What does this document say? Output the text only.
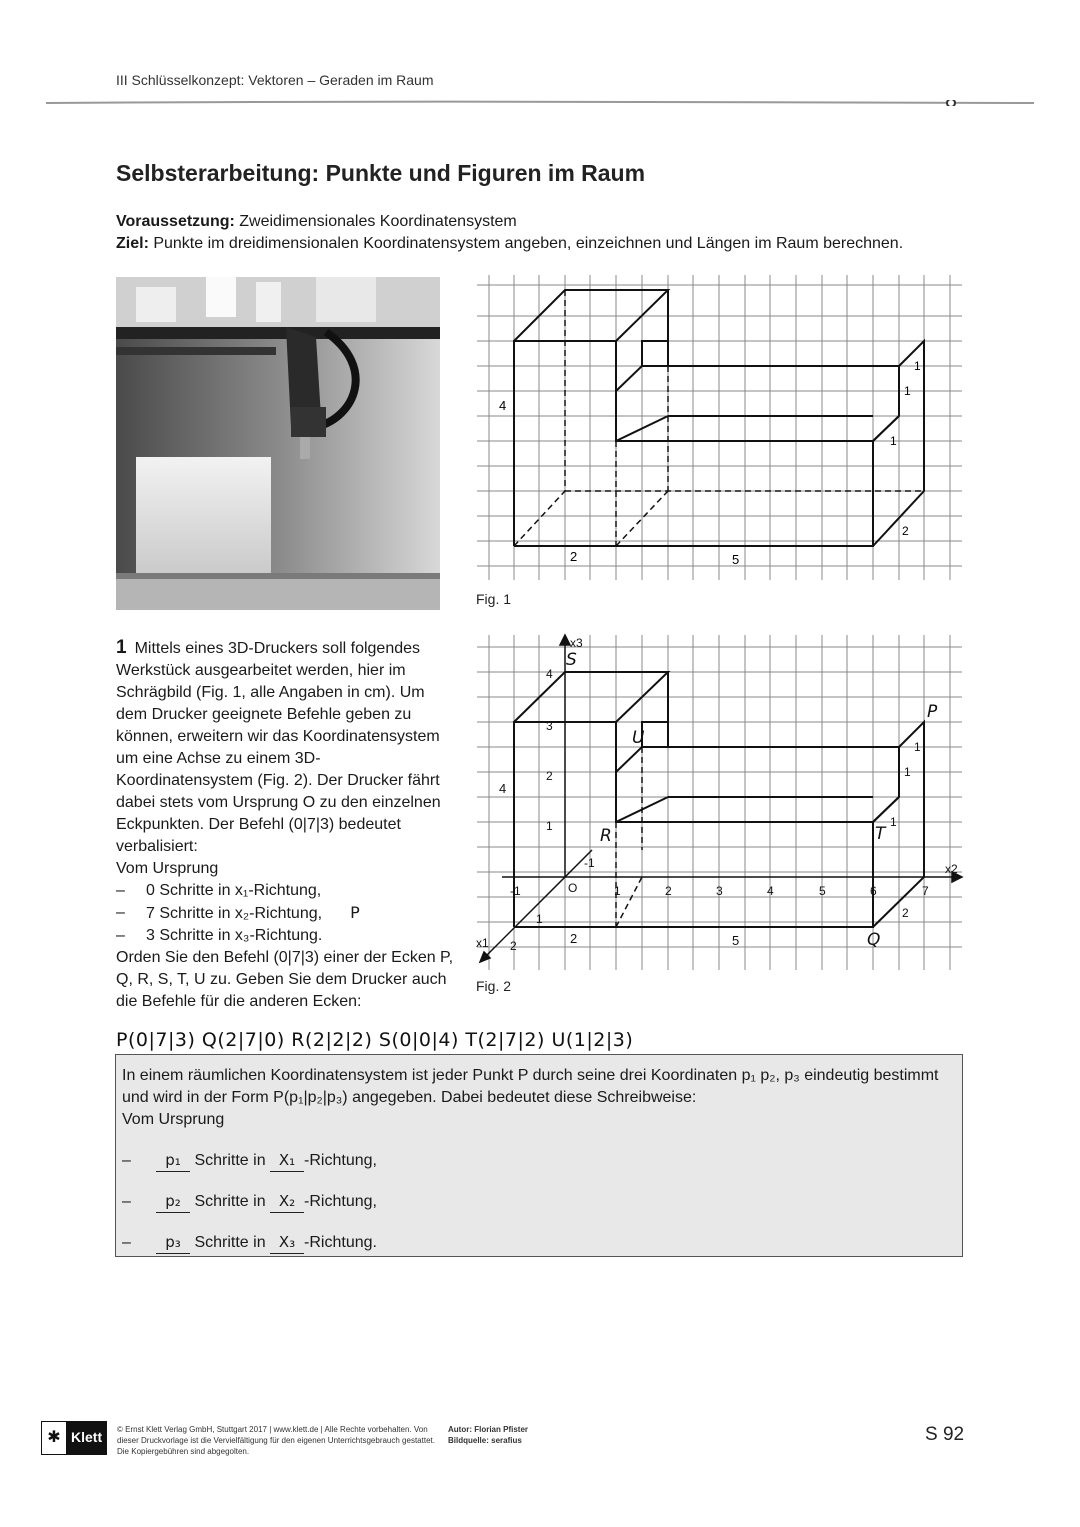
III Schlüsselkonzept: Vektoren – Geraden im Raum
Selbsterarbeitung: Punkte und Figuren im Raum
Voraussetzung: Zweidimensionales Koordinatensystem
Ziel: Punkte im dreidimensionalen Koordinatensystem angeben, einzeichnen und Längen im Raum berechnen.
4
2	5
1
1
1
2
Fig. 1
1 Mittels eines 3D-Druckers soll folgendes Werkstück ausgearbeitet werden, hier im Schrägbild (Fig. 1, alle Angaben in cm). Um dem Drucker geeignete Befehle geben zu können, erweitern wir das Koordinatensystem um eine Achse zu einem 3D-Koordinatensystem (Fig. 2). Der Drucker fährt dabei stets vom Ursprung O zu den einzelnen Eckpunkten. Der Befehl (0|7|3) bedeutet verbalisiert:
Vom Ursprung
– 0 Schritte in x₁-Richtung,
– 7 Schritte in x₂-Richtung, P
– 3 Schritte in x₃-Richtung.
Orden Sie den Befehl (0|7|3) einer der Ecken P, Q, R, S, T, U zu. Geben Sie dem Drucker auch die Befehle für die anderen Ecken:
x3
x2
x1
O
-1	1	2	3	4	5	6	7
1
2
3
4
-1
1
2
4
2	5
1
1
1
2
S
U
R	T
P
Q
Fig. 2
P(0|7|3) Q(2|7|0) R(2|2|2) S(0|0|4) T(2|7|2) U(1|2|3)
In einem räumlichen Koordinatensystem ist jeder Punkt P durch seine drei Koordinaten p₁ p₂, p₃ eindeutig bestimmt und wird in der Form P(p₁|p₂|p₃) angegeben. Dabei bedeutet diese Schreibweise:
Vom Ursprung
– p₁ Schritte in X₁ -Richtung,
– p₂ Schritte in X₂ -Richtung,
– p₃ Schritte in X₃ -Richtung.
✱ Klett © Ernst Klett Verlag GmbH, Stuttgart 2017 | www.klett.de | Alle Rechte vorbehalten. Von dieser Druckvorlage ist die Vervielfältigung für den eigenen Unterrichtsgebrauch gestattet. Die Kopiergebühren sind abgegolten.
Autor: Florian Pfister
Bildquelle: serafius	S 92
